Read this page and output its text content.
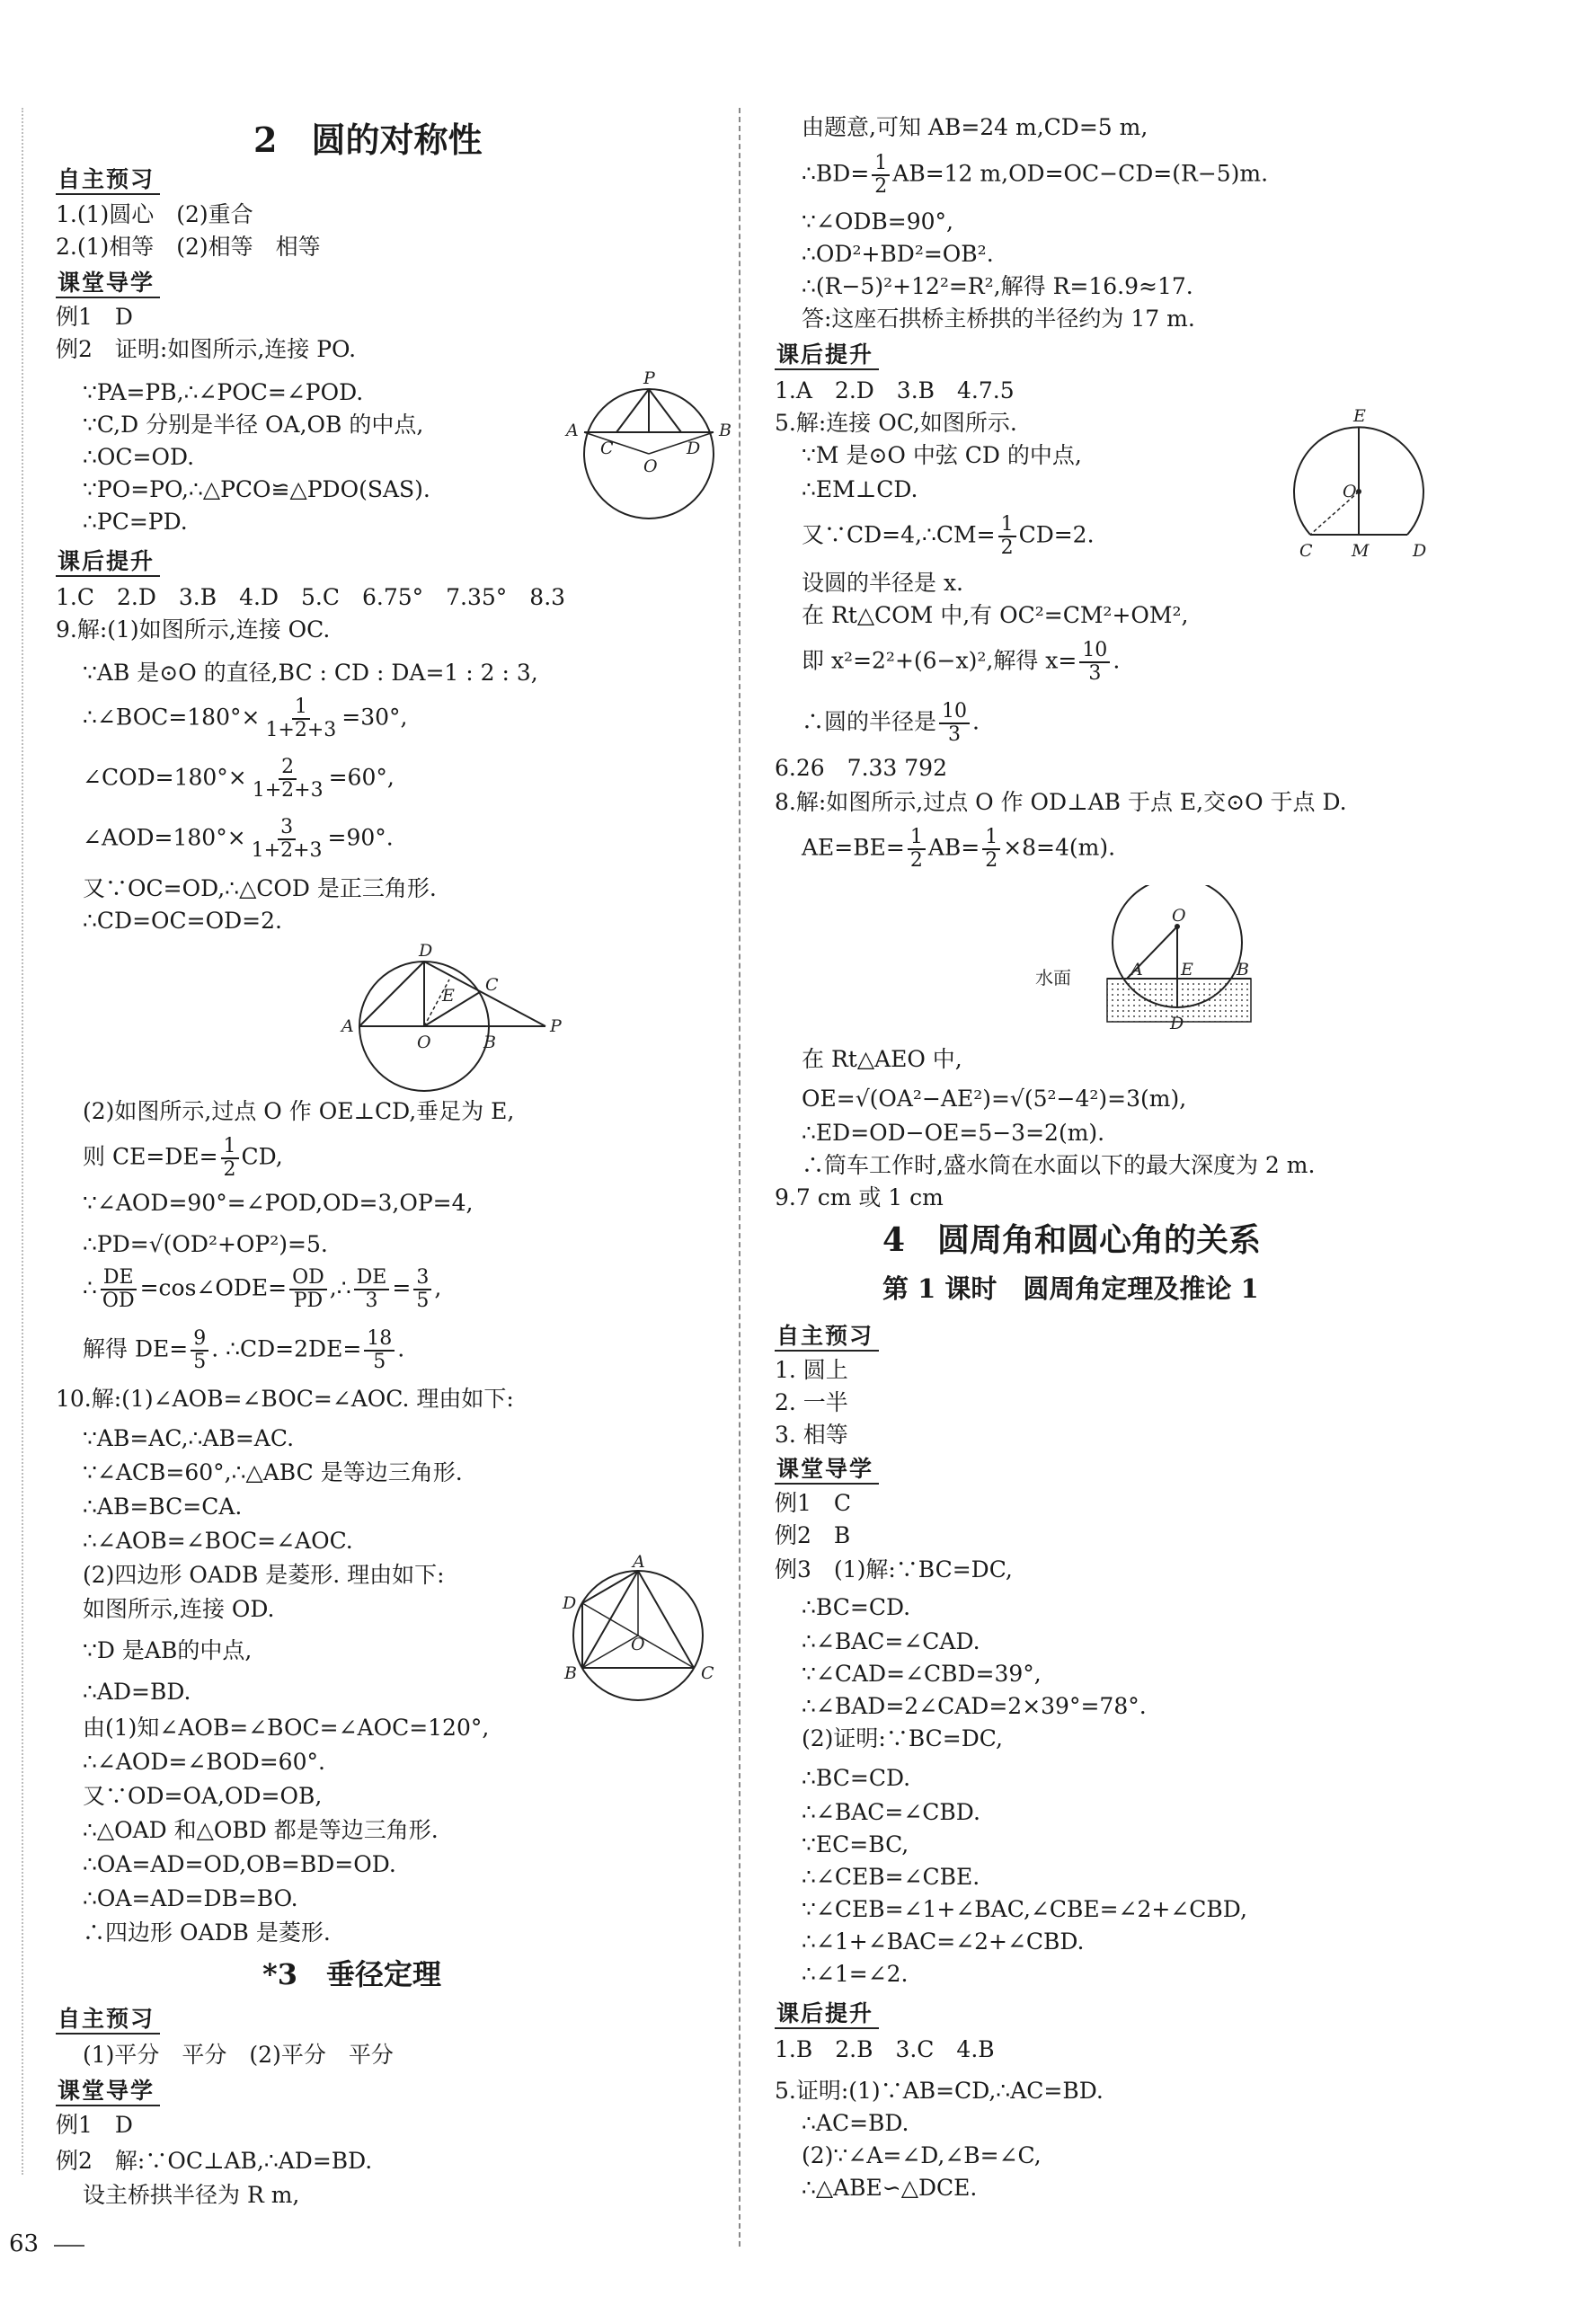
2　圆的对称性
自主预习
1.(1)圆心　(2)重合
2.(1)相等　(2)相等　相等
课堂导学
例1　D
例2　证明:如图所示,连接 PO.
∵PA=PB,∴∠POC=∠POD.
∵C,D 分别是半径 OA,OB 的中点,
∴OC=OD.
∵PO=PO,∴△PCO≌△PDO(SAS).
∴PC=PD.
P
A	B
C	D
O
课后提升
1.C　2.D　3.B　4.D　5.C　6.75°　7.35°　8.3
9.解:(1)如图所示,连接 OC.
∵AB 是⊙O 的直径,BC : CD : DA=1 : 2 : 3,
∴∠BOC=180°× $\frac{1}{1+2+3} =30^\circ$,
∠COD=180°× $\frac{2}{1+2+3} =60^\circ$,
∠AOD=180°× $\frac{3}{1+2+3} =90^\circ$.
又∵OC=OD,∴△COD 是正三角形.
∴CD=OC=OD=2.
D
E
C
A
O	B
P
(2)如图所示,过点 O 作 OE⊥CD,垂足为 E,
则 $CE=DE= \frac{1}{2}$ CD,
∵∠AOD=90°=∠POD,OD=3,OP=4,
∴PD=√(OD²+OP²)=5.
∴ $\frac{DE}{OD}$ =cos∠ODE= $\frac{OD}{PD}$ ,∴ $\frac{DE}{3} = \frac{3}{5}$ ,
解得 $DE= \frac{9}{5}$ . ∴CD=2DE= $\frac{18}{5}$ .
10.解:(1)∠AOB=∠BOC=∠AOC. 理由如下:
∵AB=AC,∴AB=AC.
∵∠ACB=60°,∴△ABC 是等边三角形.
∴AB=BC=CA.
∴∠AOB=∠BOC=∠AOC.
(2)四边形 OADB 是菱形. 理由如下:
如图所示,连接 OD.
∵D 是AB的中点,
∴AD=BD.
由(1)知∠AOB=∠BOC=∠AOC=120°,
∴∠AOD=∠BOD=60°.
又∵OD=OA,OD=OB,
∴△OAD 和△OBD 都是等边三角形.
∴OA=AD=OD,OB=BD=OD.
∴OA=AD=DB=BO.
∴四边形 OADB 是菱形.
A
D
O
B	C
*3　垂径定理
自主预习
(1)平分　平分　(2)平分　平分
课堂导学
例1　D
例2　解:∵OC⊥AB,∴AD=BD.
设主桥拱半径为 R m,
由题意,可知 AB=24 m,CD=5 m,
∴BD= $\frac{1}{2} AB=12$ m,OD=OC−CD=(R−5)m.
∵∠ODB=90°,
∴OD²+BD²=OB².
∴(R−5)²+12²=R²,解得 R=16.9≈17.
答:这座石拱桥主桥拱的半径约为 17 m.
课后提升
1.A　2.D　3.B　4.7.5
5.解:连接 OC,如图所示.
∵M 是⊙O 中弦 CD 的中点,
∴EM⊥CD.
又∵CD=4,∴CM= $\frac{1}{2} CD=2$.
设圆的半径是 x.
在 Rt△COM 中,有 OC²=CM²+OM²,
即 x²=2²+(6−x)²,解得 $x= \frac{10}{3}$ .
∴圆的半径是 $\frac{10}{3}$ .
E
O
C M	D
6.26　7.33 792
8.解:如图所示,过点 O 作 OD⊥AB 于点 E,交⊙O 于点 D.
$AE=BE= \frac{1}{2} AB= \frac{1}{2} \times 8=4(m)$.
O
A E	B
D
水面
在 Rt△AEO 中,
OE=√(OA²−AE²)=√(5²−4²)=3(m),
∴ED=OD−OE=5−3=2(m).
∴筒车工作时,盛水筒在水面以下的最大深度为 2 m.
9.7 cm 或 1 cm
4　圆周角和圆心角的关系
第 1 课时　圆周角定理及推论 1
自主预习
1. 圆上
2. 一半
3. 相等
课堂导学
例1　C
例2　B
例3　(1)解:∵BC=DC,
∴BC=CD.
∴∠BAC=∠CAD.
∵∠CAD=∠CBD=39°,
∴∠BAD=2∠CAD=2×39°=78°.
(2)证明:∵BC=DC,
∴BC=CD.
∴∠BAC=∠CBD.
∵EC=BC,
∴∠CEB=∠CBE.
∵∠CEB=∠1+∠BAC,∠CBE=∠2+∠CBD,
∴∠1+∠BAC=∠2+∠CBD.
∴∠1=∠2.
课后提升
1.B　2.B　3.C　4.B
5.证明:(1)∵AB=CD,∴AC=BD.
∴AC=BD.
(2)∵∠A=∠D,∠B=∠C,
∴△ABE∽△DCE.
63
